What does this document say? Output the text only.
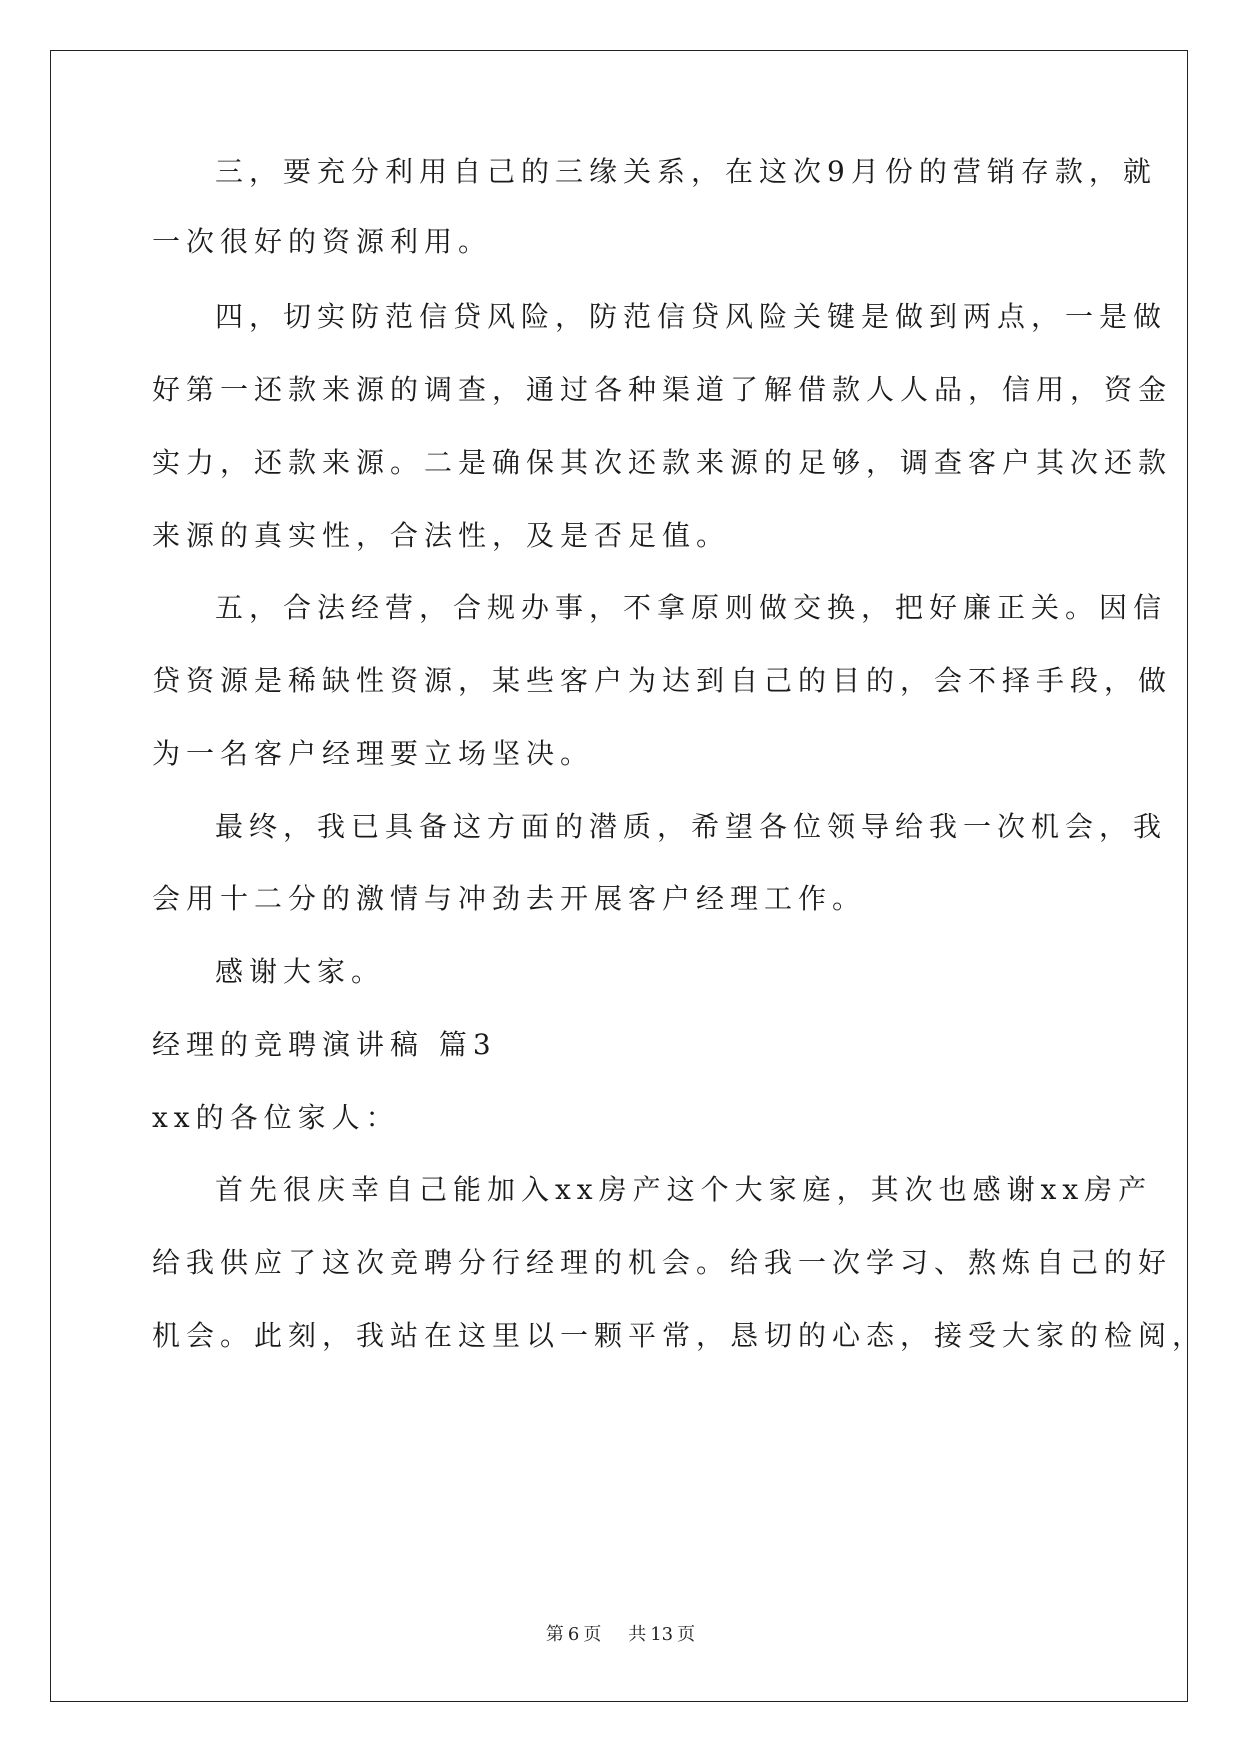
三，要充分利用自己的三缘关系，在这次9月份的营销存款，就
一次很好的资源利用。
四，切实防范信贷风险，防范信贷风险关键是做到两点，一是做
好第一还款来源的调查，通过各种渠道了解借款人人品，信用，资金
实力，还款来源。二是确保其次还款来源的足够，调查客户其次还款
来源的真实性，合法性，及是否足值。
五，合法经营，合规办事，不拿原则做交换，把好廉正关。因信
贷资源是稀缺性资源，某些客户为达到自己的目的，会不择手段，做
为一名客户经理要立场坚决。
最终，我已具备这方面的潜质，希望各位领导给我一次机会，我
会用十二分的激情与冲劲去开展客户经理工作。
感谢大家。
经理的竞聘演讲稿 篇3
xx的各位家人：
首先很庆幸自己能加入xx房产这个大家庭，其次也感谢xx房产
给我供应了这次竞聘分行经理的机会。给我一次学习、熬炼自己的好
机会。此刻，我站在这里以一颗平常，恳切的心态，接受大家的检阅，
第 6 页 共 13 页
